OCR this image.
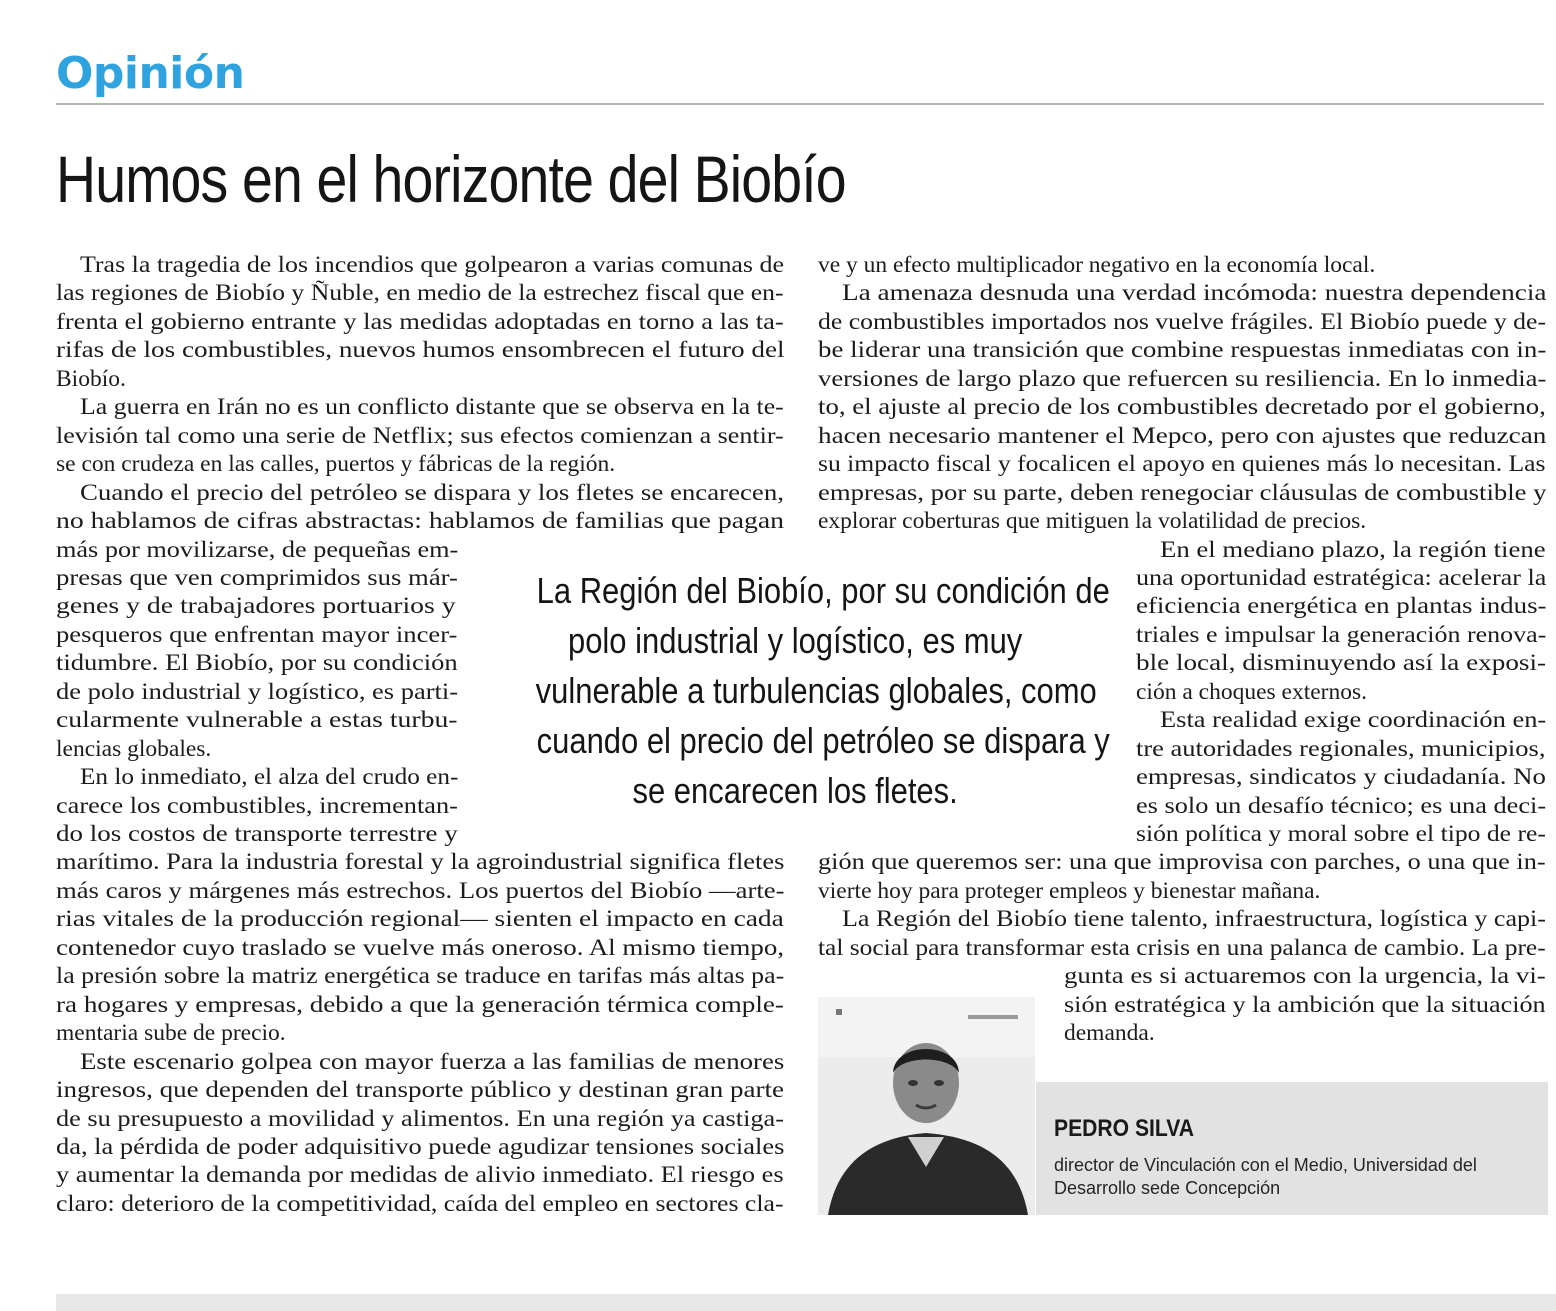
Opinión
Humos en el horizonte del Biobío
Tras la tragedia de los incendios que golpearon a varias comunas de
las regiones de Biobío y Ñuble, en medio de la estrechez fiscal que en-
frenta el gobierno entrante y las medidas adoptadas en torno a las ta-
rifas de los combustibles, nuevos humos ensombrecen el futuro del
Biobío.
La guerra en Irán no es un conflicto distante que se observa en la te-
levisión tal como una serie de Netflix; sus efectos comienzan a sentir-
se con crudeza en las calles, puertos y fábricas de la región.
Cuando el precio del petróleo se dispara y los fletes se encarecen,
no hablamos de cifras abstractas: hablamos de familias que pagan
más por movilizarse, de pequeñas em-
presas que ven comprimidos sus már-
genes y de trabajadores portuarios y
pesqueros que enfrentan mayor incer-
tidumbre. El Biobío, por su condición
de polo industrial y logístico, es parti-
cularmente vulnerable a estas turbu-
lencias globales.
En lo inmediato, el alza del crudo en-
carece los combustibles, incrementan-
do los costos de transporte terrestre y
marítimo. Para la industria forestal y la agroindustrial significa fletes
más caros y márgenes más estrechos. Los puertos del Biobío —arte-
rias vitales de la producción regional— sienten el impacto en cada
contenedor cuyo traslado se vuelve más oneroso. Al mismo tiempo,
la presión sobre la matriz energética se traduce en tarifas más altas pa-
ra hogares y empresas, debido a que la generación térmica comple-
mentaria sube de precio.
Este escenario golpea con mayor fuerza a las familias de menores
ingresos, que dependen del transporte público y destinan gran parte
de su presupuesto a movilidad y alimentos. En una región ya castiga-
da, la pérdida de poder adquisitivo puede agudizar tensiones sociales
y aumentar la demanda por medidas de alivio inmediato. El riesgo es
claro: deterioro de la competitividad, caída del empleo en sectores cla-
ve y un efecto multiplicador negativo en la economía local.
La amenaza desnuda una verdad incómoda: nuestra dependencia
de combustibles importados nos vuelve frágiles. El Biobío puede y de-
be liderar una transición que combine respuestas inmediatas con in-
versiones de largo plazo que refuercen su resiliencia. En lo inmedia-
to, el ajuste al precio de los combustibles decretado por el gobierno,
hacen necesario mantener el Mepco, pero con ajustes que reduzcan
su impacto fiscal y focalicen el apoyo en quienes más lo necesitan. Las
empresas, por su parte, deben renegociar cláusulas de combustible y
explorar coberturas que mitiguen la volatilidad de precios.
En el mediano plazo, la región tiene
una oportunidad estratégica: acelerar la
eficiencia energética en plantas indus-
triales e impulsar la generación renova-
ble local, disminuyendo así la exposi-
ción a choques externos.
Esta realidad exige coordinación en-
tre autoridades regionales, municipios,
empresas, sindicatos y ciudadanía. No
es solo un desafío técnico; es una deci-
sión política y moral sobre el tipo de re-
gión que queremos ser: una que improvisa con parches, o una que in-
vierte hoy para proteger empleos y bienestar mañana.
La Región del Biobío tiene talento, infraestructura, logística y capi-
tal social para transformar esta crisis en una palanca de cambio. La pre-
gunta es si actuaremos con la urgencia, la vi-
sión estratégica y la ambición que la situación
demanda.
La Región del Biobío, por su condición de
polo industrial y logístico, es muy
vulnerable a turbulencias globales, como
cuando el precio del petróleo se dispara y
se encarecen los fletes.
PEDRO SILVA
director de Vinculación con el Medio, Universidad del Desarrollo sede Concepción
